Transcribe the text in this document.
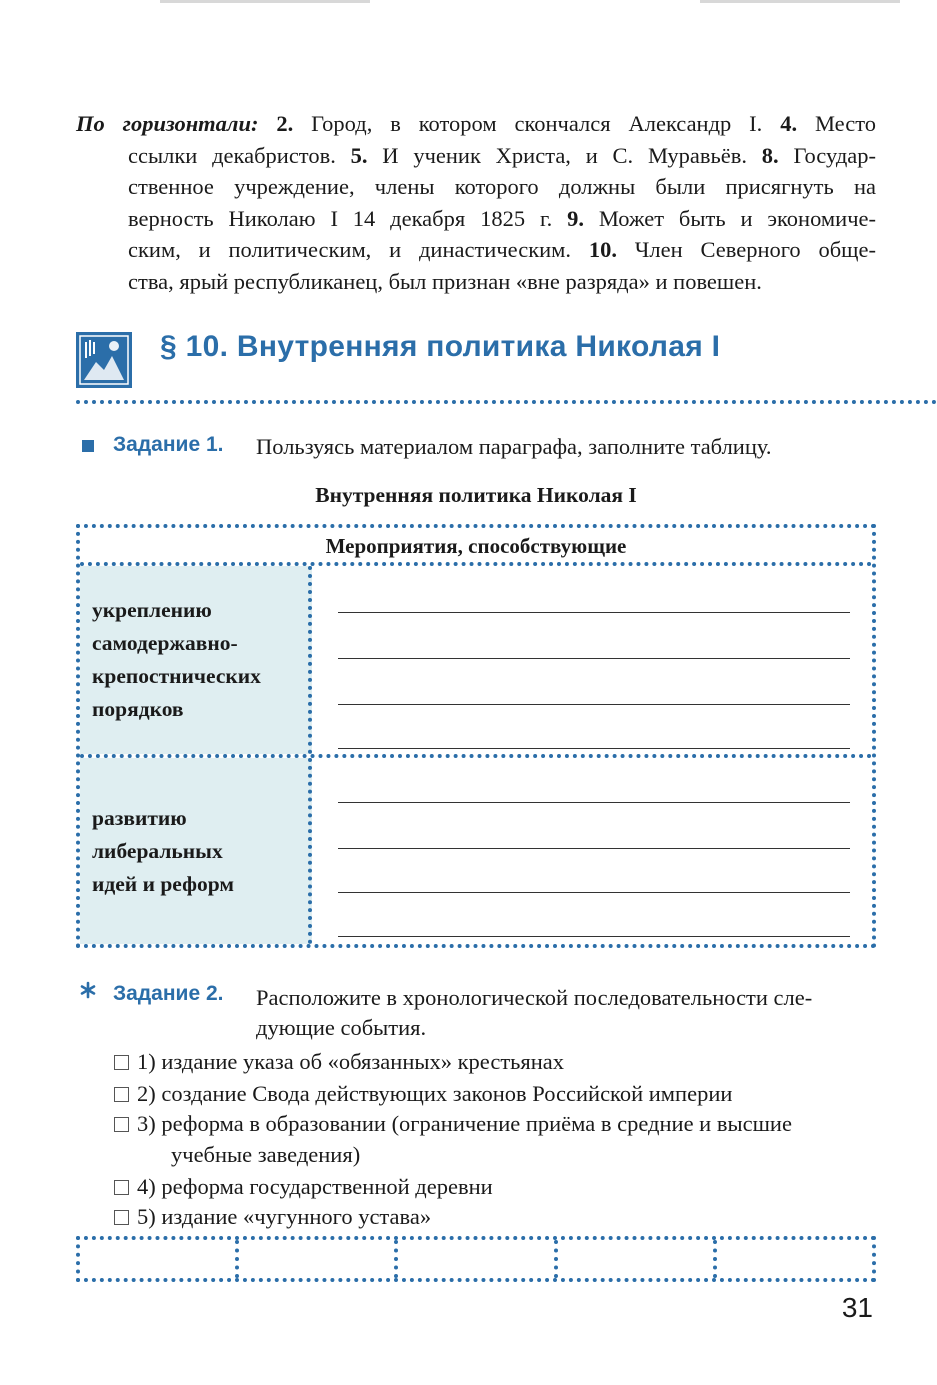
По горизонтали: 2. Город, в котором скончался Александр I. 4. Место
ссылки декабристов. 5. И ученик Христа, и С. Муравьёв. 8. Государ-
ственное учреждение, члены которого должны были присягнуть на
верность Николаю I 14 декабря 1825 г. 9. Может быть и экономиче-
ским, и политическим, и династическим. 10. Член Северного обще-
ства, ярый республиканец, был признан «вне разряда» и повешен.
§ 10. Внутренняя политика Николая I
Задание 1. Пользуясь материалом параграфа, заполните таблицу.
Внутренняя политика Николая I
Мероприятия, способствующие
укреплению
самодержавно-
крепостнических
порядков
развитию
либеральных
идей и реформ
Задание 2. Расположите в хронологической последовательности сле-
дующие события.
1) издание указа об «обязанных» крестьянах
2) создание Свода действующих законов Российской империи
3) реформа в образовании (ограничение приёма в средние и высшие
учебные заведения)
4) реформа государственной деревни
5) издание «чугунного устава»
31
